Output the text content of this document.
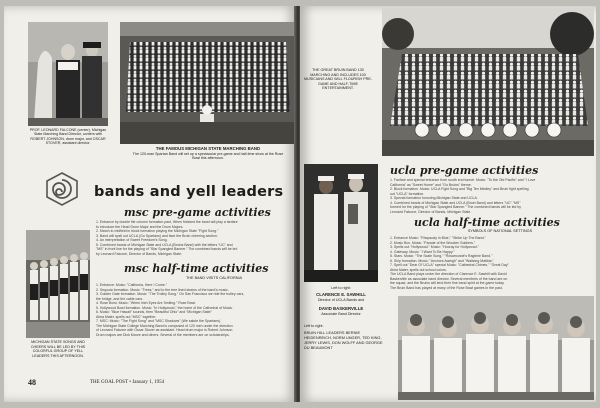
PROF. LEONARD FALCONE (center), Michigan State Marching Band Director, confers with ROBERT JOHNSON, drum major, and OSCAR STOVER, assistant director.
THE FAMOUS MICHIGAN STATE MARCHING BAND
The 120-man Spartan Band will set up a spectacular pre-game and half-time show at the Rose Bowl this afternoon.
bands and yell leaders
msc pre-game activities
1. Entrance by double file column formation past, When finished the band will play a fanfare
to introduce the Head Drum Major and the Drum Majors.
2. March to midfield in block formation playing the Michigan State "Fight Song."
3. Band will spell out UCLA (Go Spartans) and face the Bruin cheering section.
4. An interpretation of Sweet Freedom's Song.
5. Combined bands of Michigan State and UCLA (Bruins Band) with the letters "UC" and
"MS" in front line for the playing of "Star Spangled Banner." The combined bands will be led
by Leonard Falcone, Director of Bands, Michigan State.
msc half-time activities
THE BAND VISITS CALIFORNIA
1. Entrance: Music: "California, Here I Come."
2. Sequoia formation. Music: "Trees," and to the tree lined strains of the band's music.
3. Golden Gate formation. Music: "The Trolley Song." On San Francisco we ride the trolley cars,
the bridge, and the cable cars.
4. Rose Bowl. Music: "When Irish Eyes Are Smiling." Rose Bowl.
5. Hollywood Bowl formation. Music: "In Hollywood," the home of the Cathedral of Music.
6. Music: "Blue Hawaii" sounds, then "Beautiful Ohio" and "Michigan State"
Alma Mater, spells out "MSC" together.
7. MSC: Music: "The Fight Song" and "MSC Shadows" (We salute the Spartans).
The Michigan State College Marching Band is composed of 120 men under the direction
of Leonard Falcone with Oscar Stover as assistant. Head drum major is Robert Johnson.
Drum majors are Dick Moore and others. Several of the members are on scholarships.
MICHIGAN STATE SONGS AND CHEERS WILL BE LED BY THIS COLORFUL GROUP OF YELL LEADERS THIS AFTERNOON.
48	THE GOAL POST • January 1, 1954
THE GREAT BRUIN BAND 130 MARCHING AND INCLUDES 100 MUSICIANS AND WILL FLOURISH PRE-GAME AND HALF-TIME ENTERTAINMENT.
Left to right:
CLARENCE E. SAWHILL
Director of UCLA Bands and
DAVID BASKERVILLE
Associate Band Director
ucla pre-game activities
1. Fanfare and special entrance from south end tunnel. Music: "To the Old Pacific" and "I Love
California" as "Sweet Home" and "Go Bruins" theme.
2. Block formation. Music: UCLA Fight Song and "Big Ten Medley" and Bruin fight spelling
out "UCLA" formation.
3. Special formation honoring Michigan State and UCLA.
4. Combined bands of Michigan State and UCLA (Bruin Band) and letters "UC" "MS"
formed for the playing of "Star Spangled Banner." The combined bands will be led by
Leonard Falcone, Director of Bands, Michigan State.
ucla half-time activities
SYMBOLS OF NATIONAL SETTINGS
1. Entrance Music: "Rhapsody in Blue," "Strike Up The Band."
2. Music Box. Music: "Parade of the Wooden Soldiers."
3. Spells out "Hollywood." Music: "Hooray for Hollywood."
4. Gateway. Music: "I Want To Be Happy."
5. Stars. Music: "The Scale Song," "Rosamunde's Ragtime Band."
6. Ship formation. Music: "Anchors Aweigh" and "Waltzing Matilda."
7. Spell out "Dear Ol' UCLA" special Music: "Cathedral Chimes," "Great Day"
Alma Mater, spells out school colors.
The UCLA Band plays under the direction of Clarence E. Sawhill with David
Baskerville as associate band director. Several members of the band are on
the squad, and the Bruins will lend their fine band spirit at the game today.
The Bruin Band has played at many of the Rose Bowl games in the past.
Left to right:
BRUIN HILL LEADERS BERNIE HEIDENREICH, NORM UNGER, TED KING, JERRY LEWIS, DON WOLFF AND GEORGE DU BEAUMONT
